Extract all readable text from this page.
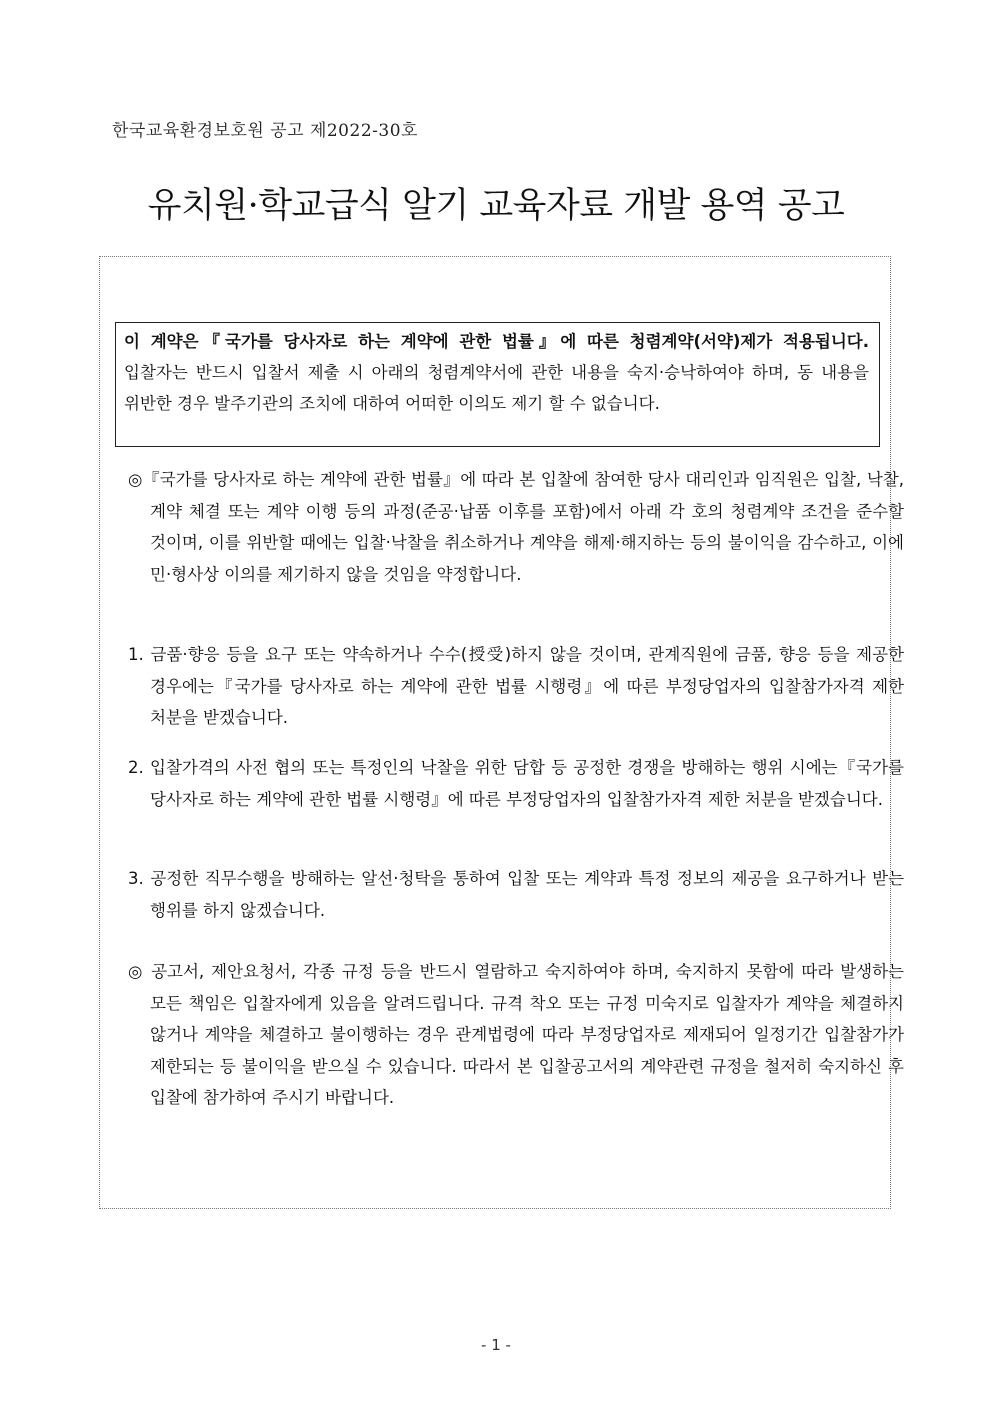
한국교육환경보호원 공고 제2022-30호
유치원·학교급식 알기 교육자료 개발 용역 공고
이 계약은『국가를 당사자로 하는 계약에 관한 법률』에 따른 청렴계약(서약)제가 적용됩니다. 입찰자는 반드시 입찰서 제출 시 아래의 청렴계약서에 관한 내용을 숙지·승낙하여야 하며, 동 내용을 위반한 경우 발주기관의 조치에 대하여 어떠한 이의도 제기 할 수 없습니다.
◎『국가를 당사자로 하는 계약에 관한 법률』에 따라 본 입찰에 참여한 당사 대리인과 임직원은 입찰, 낙찰, 계약 체결 또는 계약 이행 등의 과정(준공·납품 이후를 포함)에서 아래 각 호의 청렴계약 조건을 준수할 것이며, 이를 위반할 때에는 입찰·낙찰을 취소하거나 계약을 해제·해지하는 등의 불이익을 감수하고, 이에 민·형사상 이의를 제기하지 않을 것임을 약정합니다.
1. 금품·향응 등을 요구 또는 약속하거나 수수(授受)하지 않을 것이며, 관계직원에 금품, 향응 등을 제공한 경우에는『국가를 당사자로 하는 계약에 관한 법률 시행령』에 따른 부정당업자의 입찰참가자격 제한 처분을 받겠습니다.
2. 입찰가격의 사전 협의 또는 특정인의 낙찰을 위한 담합 등 공정한 경쟁을 방해하는 행위 시에는『국가를 당사자로 하는 계약에 관한 법률 시행령』에 따른 부정당업자의 입찰참가자격 제한 처분을 받겠습니다.
3. 공정한 직무수행을 방해하는 알선·청탁을 통하여 입찰 또는 계약과 특정 정보의 제공을 요구하거나 받는 행위를 하지 않겠습니다.
◎ 공고서, 제안요청서, 각종 규정 등을 반드시 열람하고 숙지하여야 하며, 숙지하지 못함에 따라 발생하는 모든 책임은 입찰자에게 있음을 알려드립니다. 규격 착오 또는 규정 미숙지로 입찰자가 계약을 체결하지 않거나 계약을 체결하고 불이행하는 경우 관계법령에 따라 부정당업자로 제재되어 일정기간 입찰참가가 제한되는 등 불이익을 받으실 수 있습니다. 따라서 본 입찰공고서의 계약관련 규정을 철저히 숙지하신 후 입찰에 참가하여 주시기 바랍니다.
- 1 -
